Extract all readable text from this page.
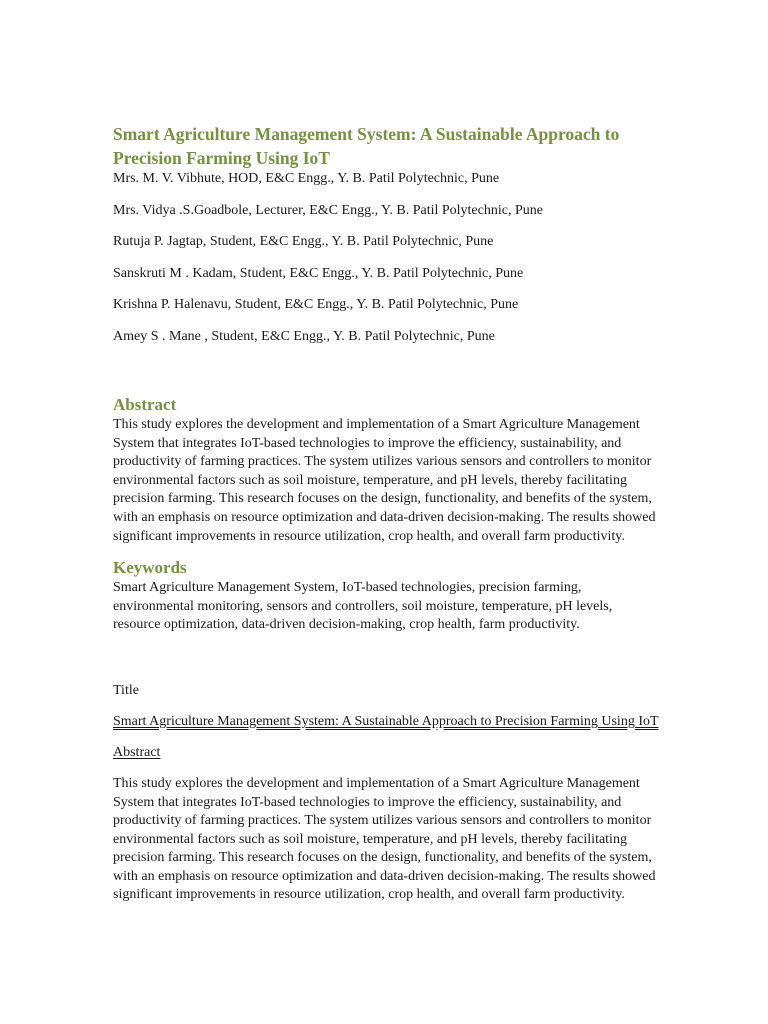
Smart Agriculture Management System: A Sustainable Approach to Precision Farming Using IoT
Mrs. M. V. Vibhute, HOD, E&C Engg., Y. B. Patil Polytechnic, Pune
Mrs. Vidya .S.Goadbole, Lecturer, E&C Engg., Y. B. Patil Polytechnic, Pune
Rutuja P. Jagtap, Student, E&C Engg., Y. B. Patil Polytechnic, Pune
Sanskruti M . Kadam, Student, E&C Engg., Y. B. Patil Polytechnic, Pune
Krishna P. Halenavu, Student, E&C Engg., Y. B. Patil Polytechnic, Pune
Amey S . Mane , Student, E&C Engg., Y. B. Patil Polytechnic, Pune
Abstract

This study explores the development and implementation of a Smart Agriculture Management System that integrates IoT-based technologies to improve the efficiency, sustainability, and productivity of farming practices. The system utilizes various sensors and controllers to monitor environmental factors such as soil moisture, temperature, and pH levels, thereby facilitating precision farming. This research focuses on the design, functionality, and benefits of the system, with an emphasis on resource optimization and data-driven decision-making. The results showed significant improvements in resource utilization, crop health, and overall farm productivity.

Keywords

Smart Agriculture Management System, IoT-based technologies, precision farming, environmental monitoring, sensors and controllers, soil moisture, temperature, pH levels, resource optimization, data-driven decision-making, crop health, farm productivity.

Title

Smart Agriculture Management System: A Sustainable Approach to Precision Farming Using IoT

Abstract

This study explores the development and implementation of a Smart Agriculture Management System that integrates IoT-based technologies to improve the efficiency, sustainability, and productivity of farming practices. The system utilizes various sensors and controllers to monitor environmental factors such as soil moisture, temperature, and pH levels, thereby facilitating precision farming. This research focuses on the design, functionality, and benefits of the system, with an emphasis on resource optimization and data-driven decision-making. The results showed significant improvements in resource utilization, crop health, and overall farm productivity.
